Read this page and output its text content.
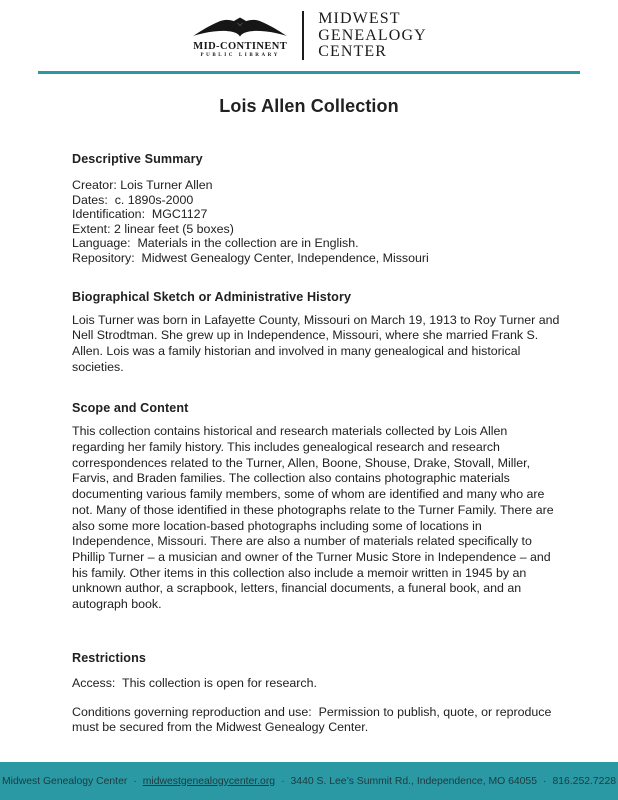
MID-CONTINENT
PUBLIC LIBRARY
MIDWEST
GENEALOGY
CENTER
Lois Allen Collection
Descriptive Summary
Creator: Lois Turner Allen
Dates:  c. 1890s-2000
Identification:  MGC1127
Extent: 2 linear feet (5 boxes)
Language:  Materials in the collection are in English.
Repository:  Midwest Genealogy Center, Independence, Missouri
Biographical Sketch or Administrative History

Lois Turner was born in Lafayette County, Missouri on March 19, 1913 to Roy Turner and Nell Strodtman. She grew up in Independence, Missouri, where she married Frank S. Allen. Lois was a family historian and involved in many genealogical and historical societies.

Scope and Content

This collection contains historical and research materials collected by Lois Allen regarding her family history. This includes genealogical research and research correspondences related to the Turner, Allen, Boone, Shouse, Drake, Stovall, Miller, Farvis, and Braden families. The collection also contains photographic materials documenting various family members, some of whom are identified and many who are not. Many of those identified in these photographs relate to the Turner Family. There are also some more location-based photographs including some of locations in Independence, Missouri. There are also a number of materials related specifically to Phillip Turner – a musician and owner of the Turner Music Store in Independence – and his family. Other items in this collection also include a memoir written in 1945 by an unknown author, a scrapbook, letters, financial documents, a funeral book, and an autograph book.

Restrictions

Access:  This collection is open for research.

Conditions governing reproduction and use:  Permission to publish, quote, or reproduce must be secured from the Midwest Genealogy Center.

Midwest Genealogy Center · midwestgenealogycenter.org · 3440 S. Lee’s Summit Rd., Independence, MO 64055 · 816.252.7228
